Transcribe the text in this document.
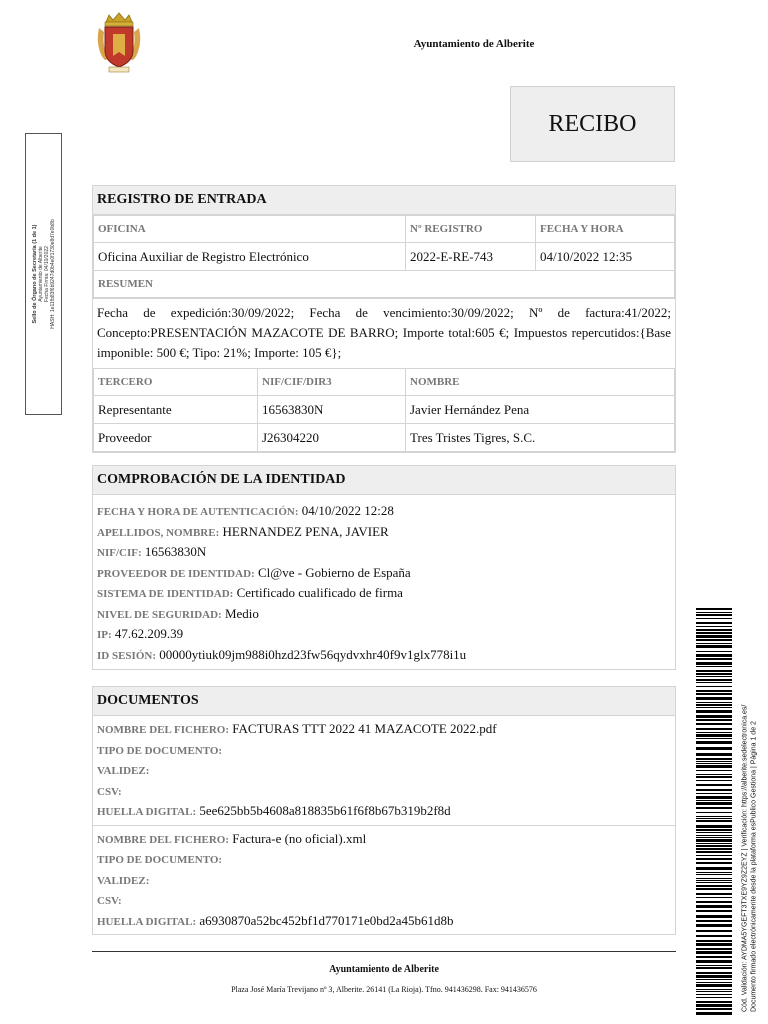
Ayuntamiento de Alberite
RECIBO
Sello de Órgano de Secretaría (1 de 1)
Ayuntamiento de Alberite
Fecha Firma: 04/10/2022
HASH: 1e11fb83f6b9247d0b4e0f1730e8d7e0b8b
REGISTRO DE ENTRADA
OFICINA	Nº REGISTRO	FECHA Y HORA
Oficina Auxiliar de Registro Electrónico	2022-E-RE-743	04/10/2022 12:35
RESUMEN		
Fecha de expedición:30/09/2022; Fecha de vencimiento:30/09/2022; Nº de factura:41/2022; Concepto:PRESENTACIÓN MAZACOTE DE BARRO; Importe total:605 €; Impuestos repercutidos:{Base imponible: 500 €; Tipo: 21%; Importe: 105 €};
TERCERO	NIF/CIF/DIR3	NOMBRE
Representante	16563830N	Javier Hernández Pena
Proveedor	J26304220	Tres Tristes Tigres, S.C.
COMPROBACIÓN DE LA IDENTIDAD
FECHA Y HORA DE AUTENTICACIÓN: 04/10/2022 12:28
APELLIDOS, NOMBRE: HERNANDEZ PENA, JAVIER
NIF/CIF: 16563830N
PROVEEDOR DE IDENTIDAD: Cl@ve - Gobierno de España
SISTEMA DE IDENTIDAD: Certificado cualificado de firma
NIVEL DE SEGURIDAD: Medio
IP: 47.62.209.39
ID SESIÓN: 00000ytiuk09jm988i0hzd23fw56qydvxhr40f9v1glx778i1u
DOCUMENTOS
NOMBRE DEL FICHERO: FACTURAS TTT 2022 41 MAZACOTE 2022.pdf
TIPO DE DOCUMENTO:
VALIDEZ:
CSV:
HUELLA DIGITAL: 5ee625bb5b4608a818835b61f6f8b67b319b2f8d
NOMBRE DEL FICHERO: Factura-e (no oficial).xml
TIPO DE DOCUMENTO:
VALIDEZ:
CSV:
HUELLA DIGITAL: a6930870a52bc452bf1d770171e0bd2a45b61d8b
Ayuntamiento de Alberite
Plaza José María Trevijano nº 3, Alberite. 26141 (La Rioja). Tfno. 941436298. Fax: 941436576	Cód. Validación: AYDMA5YGEFT3TXE9YZ9Z2EYZ | Verificación: https://alberite.sedelectronica.es/ Documento firmado electrónicamente desde la plataforma esPublico Gestiona | Página 1 de 2
